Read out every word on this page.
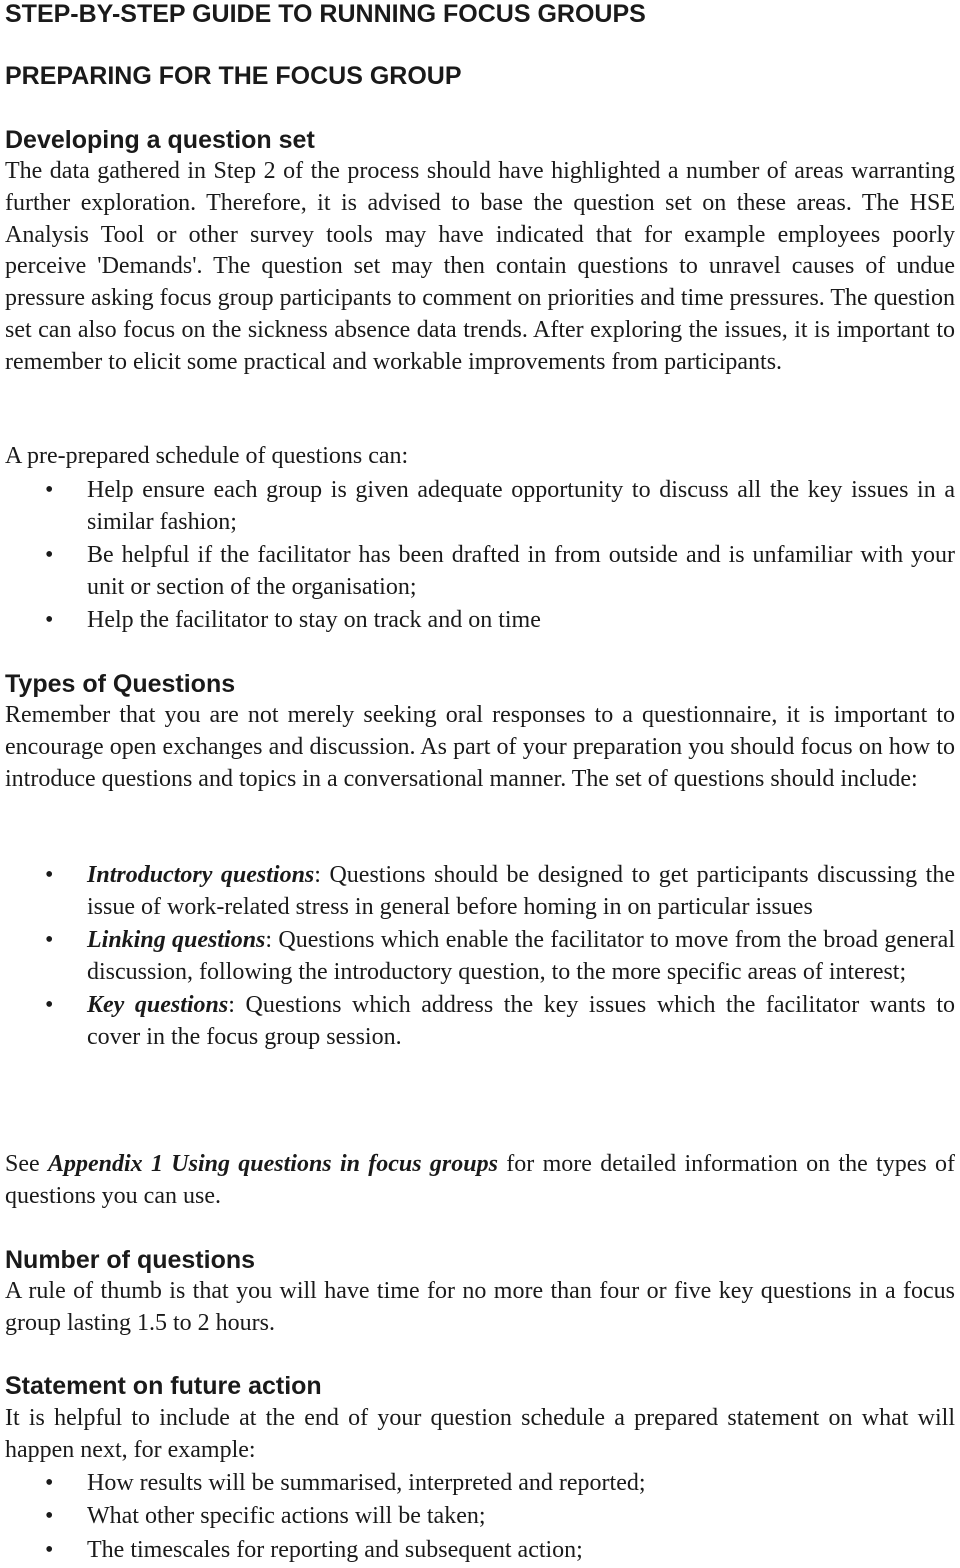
STEP-BY-STEP GUIDE TO RUNNING FOCUS GROUPS
PREPARING FOR THE FOCUS GROUP
Developing a question set

The data gathered in Step 2 of the process should have highlighted a number of areas warranting further exploration. Therefore, it is advised to base the question set on these areas. The HSE Analysis Tool or other survey tools may have indicated that for example employees poorly perceive 'Demands'. The question set may then contain questions to unravel causes of undue pressure asking focus group participants to comment on priorities and time pressures. The question set can also focus on the sickness absence data trends. After exploring the issues, it is important to remember to elicit some practical and workable improvements from participants.

A pre-prepared schedule of questions can:

• Help ensure each group is given adequate opportunity to discuss all the key issues in a similar fashion;
• Be helpful if the facilitator has been drafted in from outside and is unfamiliar with your unit or section of the organisation;
• Help the facilitator to stay on track and on time
Types of Questions

Remember that you are not merely seeking oral responses to a questionnaire, it is important to encourage open exchanges and discussion. As part of your preparation you should focus on how to introduce questions and topics in a conversational manner. The set of questions should include:

• Introductory questions: Questions should be designed to get participants discussing the issue of work-related stress in general before homing in on particular issues
• Linking questions: Questions which enable the facilitator to move from the broad general discussion, following the introductory question, to the more specific areas of interest;
• Key questions: Questions which address the key issues which the facilitator wants to cover in the focus group session.

See Appendix 1 Using questions in focus groups for more detailed information on the types of questions you can use.

Number of questions

A rule of thumb is that you will have time for no more than four or five key questions in a focus group lasting 1.5 to 2 hours.

Statement on future action

It is helpful to include at the end of your question schedule a prepared statement on what will happen next, for example:

• How results will be summarised, interpreted and reported;
• What other specific actions will be taken;
• The timescales for reporting and subsequent action;
